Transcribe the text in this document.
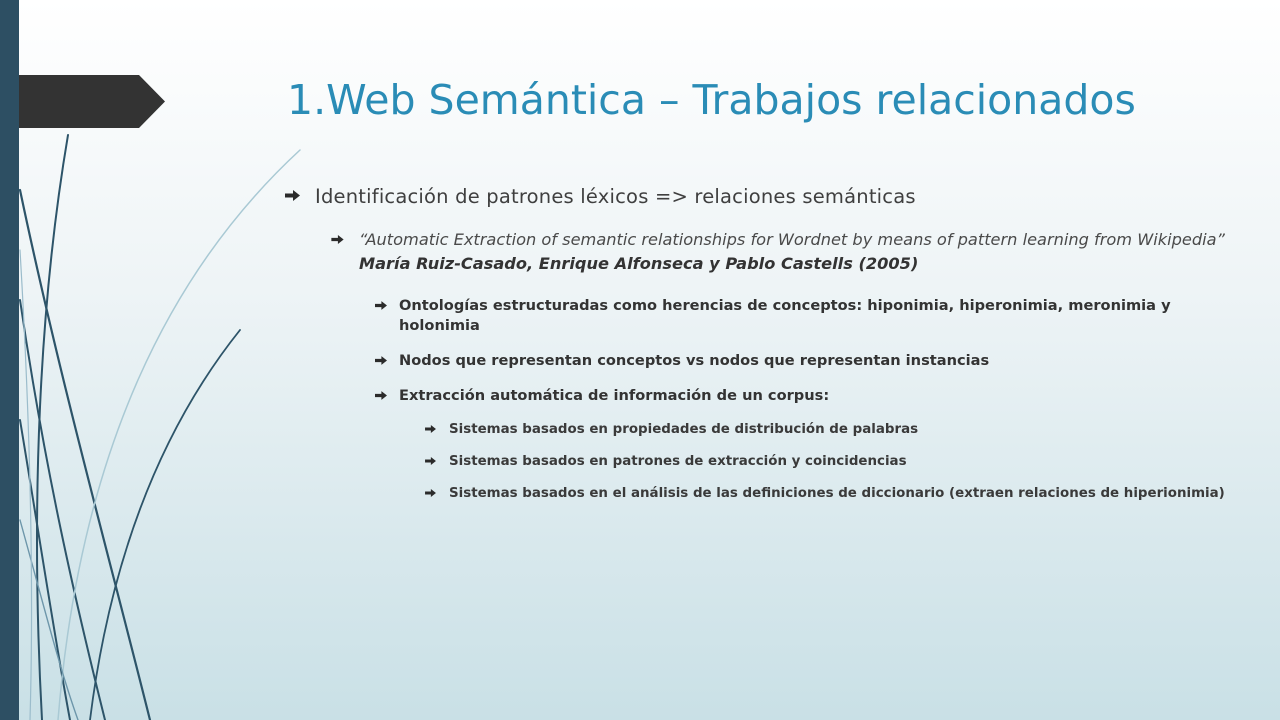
1.Web Semántica – Trabajos relacionados
Identificación de patrones léxicos => relaciones semánticas
“Automatic Extraction of semantic relationships for Wordnet by means of pattern learning from Wikipedia” María Ruiz-Casado, Enrique Alfonseca y Pablo Castells (2005)
Ontologías estructuradas como herencias de conceptos: hiponimia, hiperonimia, meronimia y holonimia
Nodos que representan conceptos vs nodos que representan instancias
Extracción automática de información de un corpus:
Sistemas basados en propiedades de distribución de palabras
Sistemas basados en patrones de extracción y coincidencias
Sistemas basados en el análisis de las definiciones de diccionario (extraen relaciones de hiperionimia)
